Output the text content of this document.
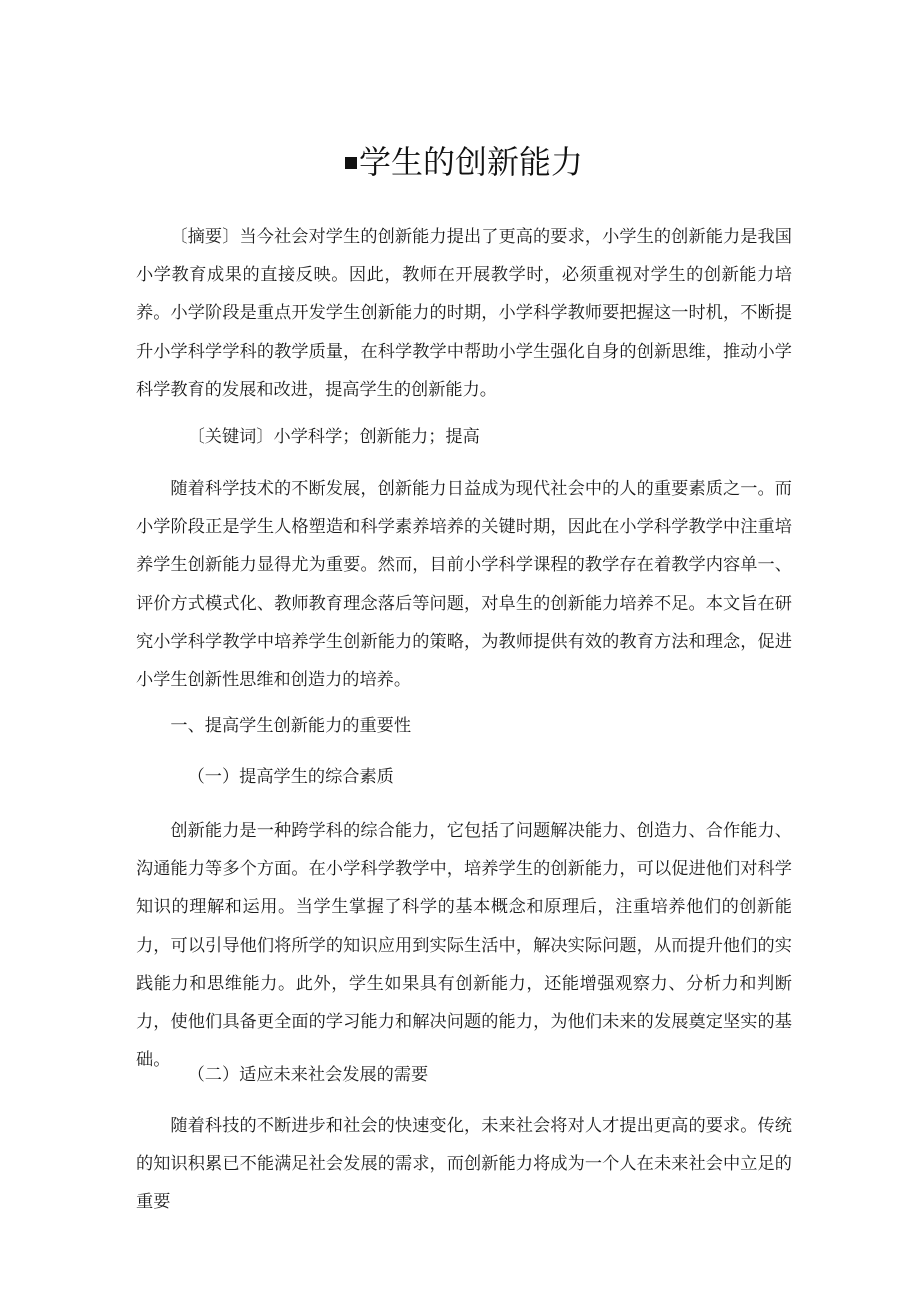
学生的创新能力

〔摘要〕当今社会对学生的创新能力提出了更高的要求，小学生的创新能力是我国小学教育成果的直接反映。因此，教师在开展教学时，必须重视对学生的创新能力培养。小学阶段是重点开发学生创新能力的时期，小学科学教师要把握这一时机，不断提升小学科学学科的教学质量，在科学教学中帮助小学生强化自身的创新思维，推动小学科学教育的发展和改进，提高学生的创新能力。

〔关键词〕小学科学；创新能力；提高

随着科学技术的不断发展，创新能力日益成为现代社会中的人的重要素质之一。而小学阶段正是学生人格塑造和科学素养培养的关键时期，因此在小学科学教学中注重培养学生创新能力显得尤为重要。然而，目前小学科学课程的教学存在着教学内容单一、评价方式模式化、教师教育理念落后等问题，对阜生的创新能力培养不足。本文旨在研究小学科学教学中培养学生创新能力的策略，为教师提供有效的教育方法和理念，促进小学生创新性思维和创造力的培养。

一、提高学生创新能力的重要性

（一）提高学生的综合素质

创新能力是一种跨学科的综合能力，它包括了问题解决能力、创造力、合作能力、沟通能力等多个方面。在小学科学教学中，培养学生的创新能力，可以促进他们对科学知识的理解和运用。当学生掌握了科学的基本概念和原理后，注重培养他们的创新能力，可以引导他们将所学的知识应用到实际生活中，解决实际问题，从而提升他们的实践能力和思维能力。此外，学生如果具有创新能力，还能增强观察力、分析力和判断力，使他们具备更全面的学习能力和解决问题的能力，为他们未来的发展奠定坚实的基础。

（二）适应未来社会发展的需要

随着科技的不断进步和社会的快速变化，未来社会将对人才提出更高的要求。传统的知识积累已不能满足社会发展的需求，而创新能力将成为一个人在未来社会中立足的重要
